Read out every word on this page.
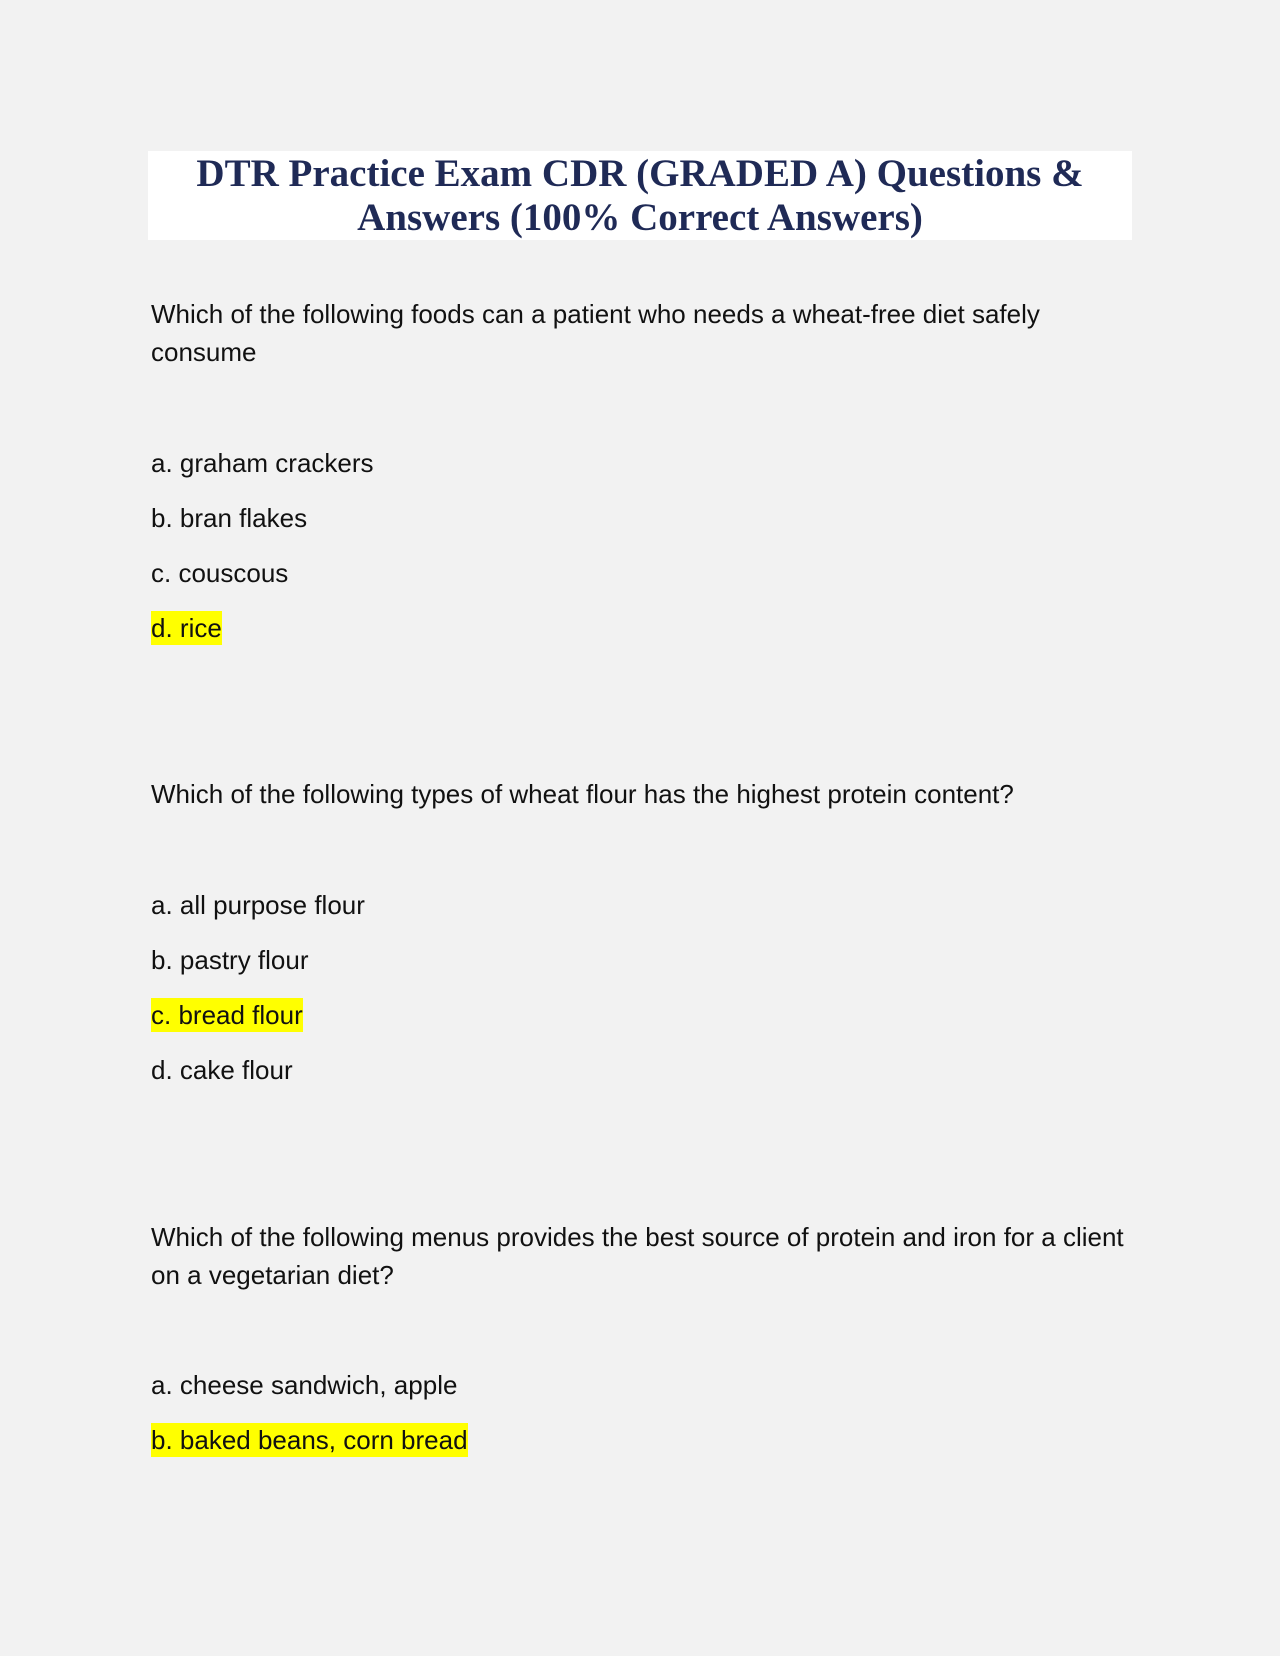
DTR Practice Exam CDR (GRADED A) Questions & Answers (100% Correct Answers)

Which of the following foods can a patient who needs a wheat-free diet safely consume

a. graham crackers

b. bran flakes

c. couscous

d. rice

Which of the following types of wheat flour has the highest protein content?

a. all purpose flour

b. pastry flour

c. bread flour

d. cake flour

Which of the following menus provides the best source of protein and iron for a client on a vegetarian diet?

a. cheese sandwich, apple

b. baked beans, corn bread
